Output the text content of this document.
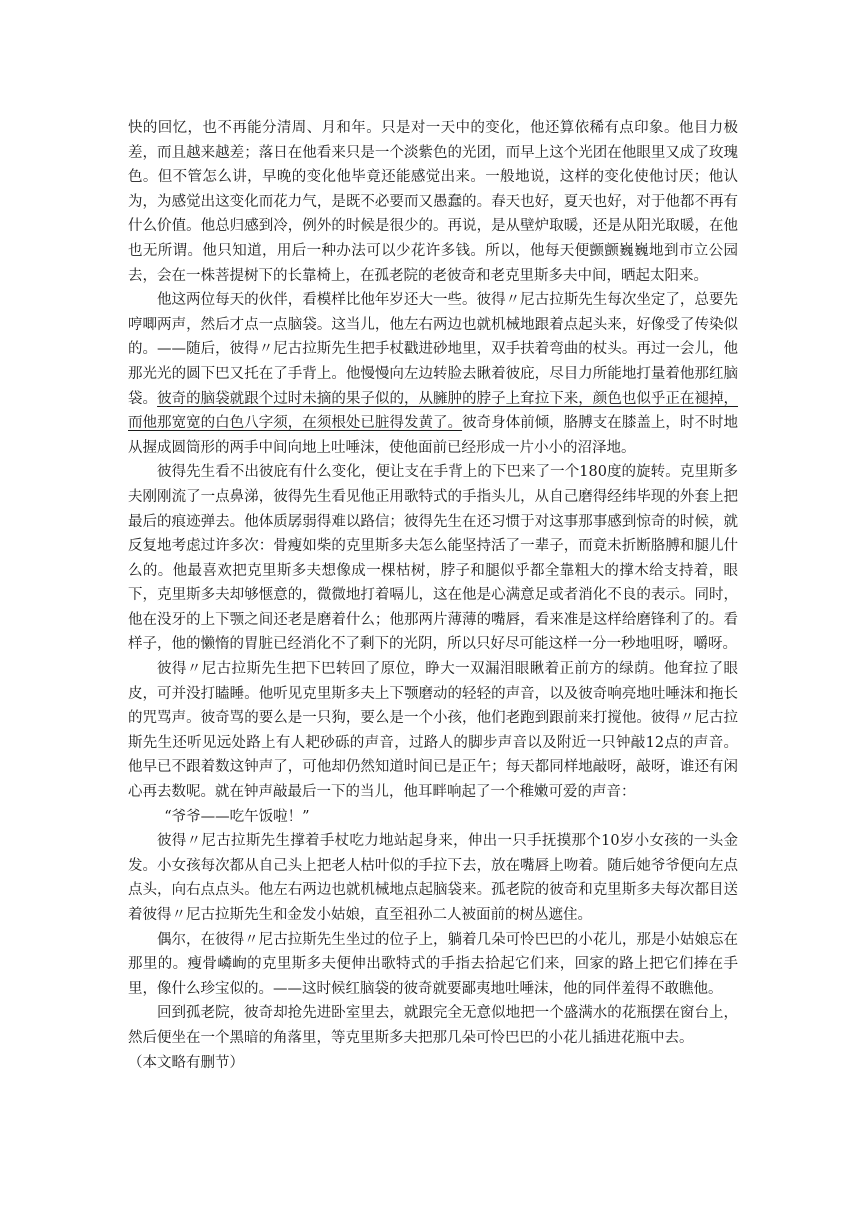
快的回忆，也不再能分清周、月和年。只是对一天中的变化，他还算依稀有点印象。他目力极差，而且越来越差；落日在他看来只是一个淡紫色的光团，而早上这个光团在他眼里又成了玫瑰色。但不管怎么讲，早晚的变化他毕竟还能感觉出来。一般地说，这样的变化使他讨厌；他认为，为感觉出这变化而花力气，是既不必要而又愚蠢的。春天也好，夏天也好，对于他都不再有什么价值。他总归感到冷，例外的时候是很少的。再说，是从壁炉取暖，还是从阳光取暖，在他也无所谓。他只知道，用后一种办法可以少花许多钱。所以，他每天便颤颤巍巍地到市立公园去，会在一株菩提树下的长靠椅上，在孤老院的老彼奇和老克里斯多夫中间，晒起太阳来。

他这两位每天的伙伴，看模样比他年岁还大一些。彼得〃尼古拉斯先生每次坐定了，总要先哼唧两声，然后才点一点脑袋。这当儿，他左右两边也就机械地跟着点起头来，好像受了传染似的。——随后，彼得〃尼古拉斯先生把手杖戳进砂地里，双手扶着弯曲的杖头。再过一会儿，他那光光的圆下巴又托在了手背上。他慢慢向左边转脸去瞅着彼庇，尽目力所能地打量着他那红脑袋。彼奇的脑袋就跟个过时未摘的果子似的，从臃肿的脖子上耷拉下来，颜色也似乎正在褪掉，而他那宽宽的白色八字须，在须根处已脏得发黄了。彼奇身体前倾，胳膊支在膝盖上，时不时地从握成圆筒形的两手中间向地上吐唾沫，使他面前已经形成一片小小的沼泽地。

彼得先生看不出彼庇有什么变化，便让支在手背上的下巴来了一个180度的旋转。克里斯多夫刚刚流了一点鼻涕，彼得先生看见他正用歌特式的手指头儿，从自己磨得经纬毕现的外套上把最后的痕迹弹去。他体质孱弱得难以路信；彼得先生在还习惯于对这事那事感到惊奇的时候，就反复地考虑过许多次：骨瘦如柴的克里斯多夫怎么能坚持活了一辈子，而竟未折断胳膊和腿儿什么的。他最喜欢把克里斯多夫想像成一棵枯树，脖子和腿似乎都全靠粗大的撑木给支持着，眼下，克里斯多夫却够惬意的，微微地打着嗝儿，这在他是心满意足或者消化不良的表示。同时，他在没牙的上下颚之间还老是磨着什么；他那两片薄薄的嘴唇，看来准是这样给磨锋利了的。看样子，他的懒惰的胃脏已经消化不了剩下的光阴，所以只好尽可能这样一分一秒地咀呀，嚼呀。

彼得〃尼古拉斯先生把下巴转回了原位，睁大一双漏泪眼瞅着正前方的绿荫。他耷拉了眼皮，可并没打瞌睡。他听见克里斯多夫上下颚磨动的轻轻的声音，以及彼奇响亮地吐唾沫和拖长的咒骂声。彼奇骂的要么是一只狗，要么是一个小孩，他们老跑到跟前来打搅他。彼得〃尼古拉斯先生还听见远处路上有人耙砂砾的声音，过路人的脚步声音以及附近一只钟敲12点的声音。他早已不跟着数这钟声了，可他却仍然知道时间已是正午；每天都同样地敲呀，敲呀，谁还有闲心再去数呢。就在钟声敲最后一下的当儿，他耳畔响起了一个稚嫩可爱的声音：

“爷爷——吃午饭啦！”

彼得〃尼古拉斯先生撑着手杖吃力地站起身来，伸出一只手抚摸那个10岁小女孩的一头金发。小女孩每次都从自己头上把老人枯叶似的手拉下去，放在嘴唇上吻着。随后她爷爷便向左点点头，向右点点头。他左右两边也就机械地点起脑袋来。孤老院的彼奇和克里斯多夫每次都目送着彼得〃尼古拉斯先生和金发小姑娘，直至祖孙二人被面前的树丛遮住。

偶尔，在彼得〃尼古拉斯先生坐过的位子上，躺着几朵可怜巴巴的小花儿，那是小姑娘忘在那里的。瘦骨嶙峋的克里斯多夫便伸出歌特式的手指去拾起它们来，回家的路上把它们捧在手里，像什么珍宝似的。——这时候红脑袋的彼奇就要鄙夷地吐唾沫，他的同伴羞得不敢瞧他。

回到孤老院，彼奇却抢先进卧室里去，就跟完全无意似地把一个盛满水的花瓶摆在窗台上，然后便坐在一个黑暗的角落里，等克里斯多夫把那几朵可怜巴巴的小花儿插进花瓶中去。

（本文略有删节）
